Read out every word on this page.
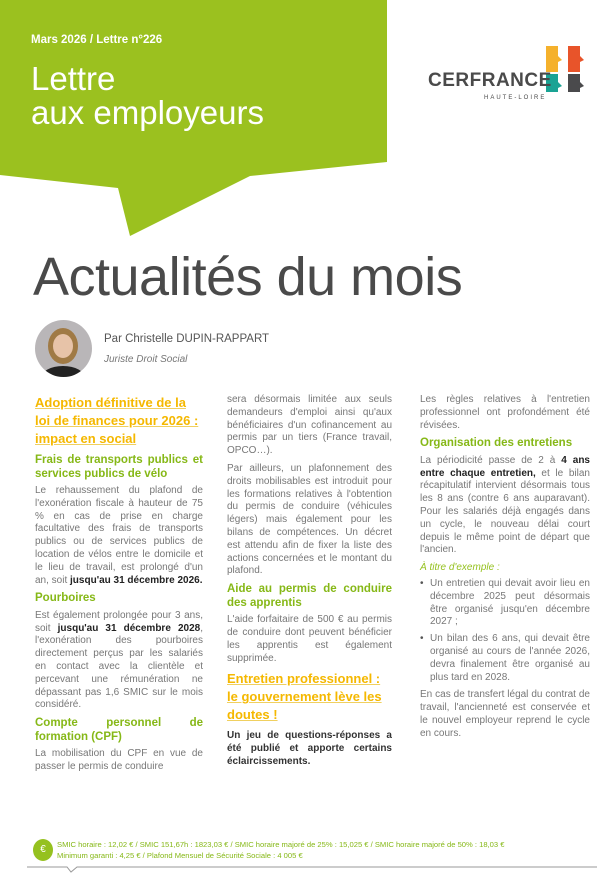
Mars 2026 / Lettre n°226
Lettre
aux employeurs
CERFRANCE
HAUTE-LOIRE
Actualités du mois
Par Christelle DUPIN-RAPPART
Juriste Droit Social
Adoption définitive de la loi de finances pour 2026 : impact en social
Frais de transports publics et services publics de vélo

Le rehaussement du plafond de l'exonération fiscale à hauteur de 75 % en cas de prise en charge facultative des frais de transports publics ou de services publics de location de vélos entre le domicile et le lieu de travail, est prolongé d'un an, soit jusqu'au 31 décembre 2026.

Pourboires

Est également prolongée pour 3 ans, soit jusqu'au 31 décembre 2028, l'exonération des pourboires directement perçus par les salariés en contact avec la clientèle et percevant une rémunération ne dépassant pas 1,6 SMIC sur le mois considéré.

Compte personnel de formation (CPF)

La mobilisation du CPF en vue de passer le permis de conduire

sera désormais limitée aux seuls demandeurs d'emploi ainsi qu'aux bénéficiaires d'un cofinancement au permis par un tiers (France travail, OPCO…).

Par ailleurs, un plafonnement des droits mobilisables est introduit pour les formations relatives à l'obtention du permis de conduire (véhicules légers) mais également pour les bilans de compétences. Un décret est attendu afin de fixer la liste des actions concernées et le montant du plafond.

Aide au permis de conduire des apprentis

L'aide forfaitaire de 500 € au permis de conduire dont peuvent bénéficier les apprentis est également supprimée.

Entretien professionnel : le gouvernement lève les doutes !

Un jeu de questions-réponses a été publié et apporte certains éclaircissements.

Les règles relatives à l'entretien professionnel ont profondément été révisées.

Organisation des entretiens

La périodicité passe de 2 à 4 ans entre chaque entretien, et le bilan récapitulatif intervient désormais tous les 8 ans (contre 6 ans auparavant). Pour les salariés déjà engagés dans un cycle, le nouveau délai court depuis le même point de départ que l'ancien.

À titre d'exemple :
• Un entretien qui devait avoir lieu en décembre 2025 peut désormais être organisé jusqu'en décembre 2027 ;
• Un bilan des 6 ans, qui devait être organisé au cours de l'année 2026, devra finalement être organisé au plus tard en 2028.

En cas de transfert légal du contrat de travail, l'ancienneté est conservée et le nouvel employeur reprend le cycle en cours.

€	SMIC horaire : 12,02 € / SMIC 151,67h : 1823,03 € / SMIC horaire majoré de 25% : 15,025 € / SMIC horaire majoré de 50% : 18,03 €
Minimum garanti : 4,25 € / Plafond Mensuel de Sécurité Sociale : 4 005 €
